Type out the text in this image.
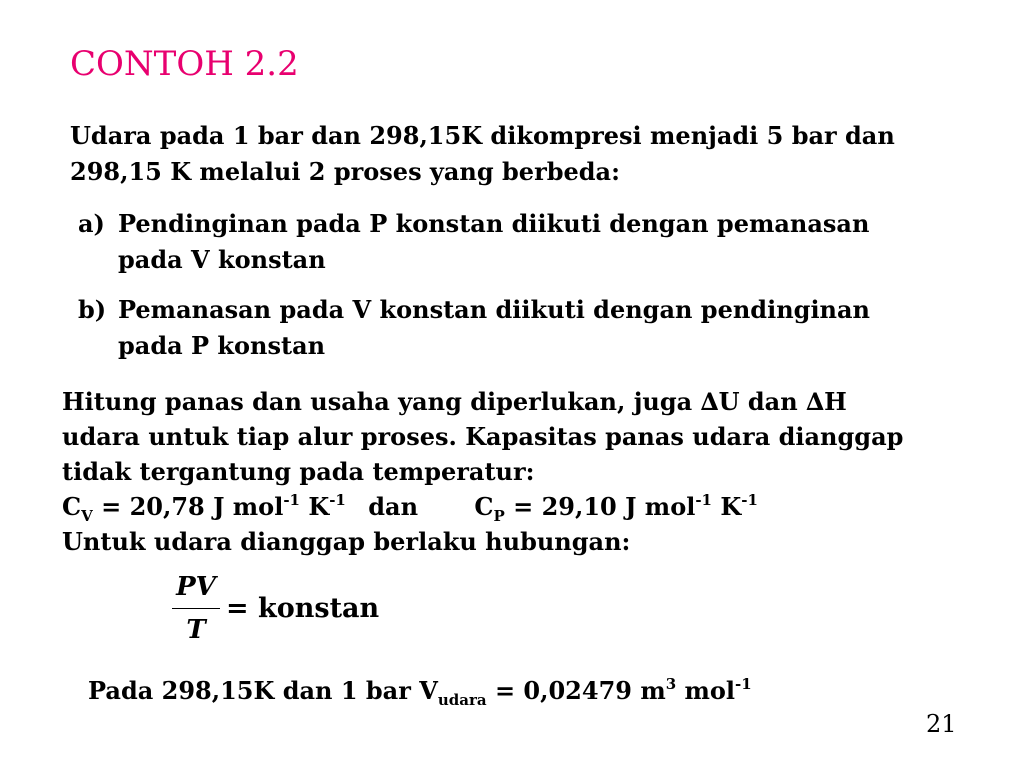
CONTOH 2.2
Udara pada 1 bar dan 298,15K dikompresi menjadi 5 bar dan
298,15 K melalui 2 proses yang berbeda:
a) Pendinginan pada P konstan diikuti dengan pemanasan
pada V konstan
b) Pemanasan pada V konstan diikuti dengan pendinginan
pada P konstan
Hitung panas dan usaha yang diperlukan, juga ∆U dan ∆H
udara untuk tiap alur proses. Kapasitas panas udara dianggap
tidak tergantung pada temperatur:
$C_V = 20,78$ J mol$^{-1}$ $K^{-1}$ dan $C_P = 29,10$ J mol$^{-1}$ $K^{-1}$
Untuk udara dianggap berlaku hubungan:
PV
T
= konstan
Pada 298,15K dan 1 bar $V_{udara} = 0,02479$ $m^3$ mol$^{-1}$
21
